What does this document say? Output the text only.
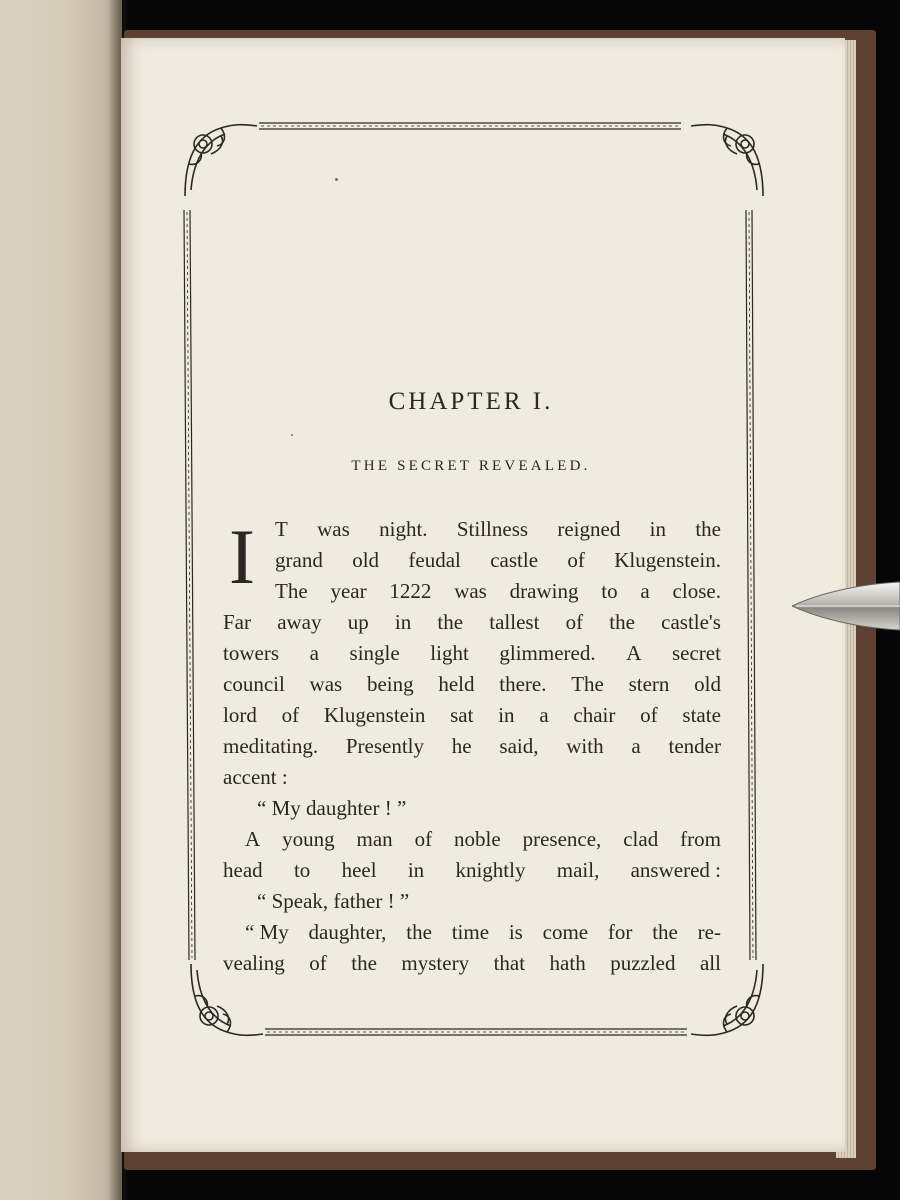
CHAPTER I.
THE SECRET REVEALED.
I T was night. Stillness reigned in the
grand old feudal castle of Klugenstein.
The year 1222 was drawing to a close.
Far away up in the tallest of the castle's
towers a single light glimmered. A secret
council was being held there. The stern old
lord of Klugenstein sat in a chair of state
meditating. Presently he said, with a tender
accent :
“ My daughter ! ”
A young man of noble presence, clad from
head to heel in knightly mail, answered :
“ Speak, father ! ”
“ My daughter, the time is come for the re-
vealing of the mystery that hath puzzled all
